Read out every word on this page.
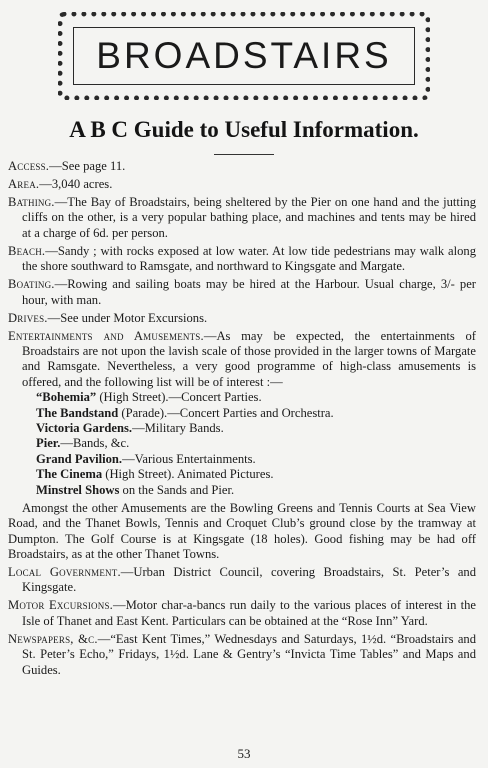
BROADSTAIRS
A B C Guide to Useful Information.

Access.—See page 11.

Area.—3,040 acres.

Bathing.—The Bay of Broadstairs, being sheltered by the Pier on one hand and the jutting cliffs on the other, is a very popular bathing place, and machines and tents may be hired at a charge of 6d. per person.

Beach.—Sandy ; with rocks exposed at low water. At low tide pedestrians may walk along the shore southward to Ramsgate, and northward to Kingsgate and Margate.

Boating.—Rowing and sailing boats may be hired at the Harbour. Usual charge, 3/- per hour, with man.

Drives.—See under Motor Excursions.

Entertainments and Amusements.—As may be expected, the entertainments of Broadstairs are not upon the lavish scale of those provided in the larger towns of Margate and Ramsgate. Nevertheless, a very good programme of high-class amusements is offered, and the following list will be of interest :—

“Bohemia” (High Street).—Concert Parties.

The Bandstand (Parade).—Concert Parties and Orchestra.

Victoria Gardens.—Military Bands.

Pier.—Bands, &c.

Grand Pavilion.—Various Entertainments.

The Cinema (High Street). Animated Pictures.

Minstrel Shows on the Sands and Pier.

Amongst the other Amusements are the Bowling Greens and Tennis Courts at Sea View Road, and the Thanet Bowls, Tennis and Croquet Club’s ground close by the tramway at Dumpton. The Golf Course is at Kingsgate (18 holes). Good fishing may be had off Broadstairs, as at the other Thanet Towns.

Local Government.—Urban District Council, covering Broadstairs, St. Peter’s and Kingsgate.

Motor Excursions.—Motor char-a-bancs run daily to the various places of interest in the Isle of Thanet and East Kent. Particulars can be obtained at the “Rose Inn” Yard.

Newspapers, &c.—“East Kent Times,” Wednesdays and Saturdays, 1½d. “Broadstairs and St. Peter’s Echo,” Fridays, 1½d. Lane & Gentry’s “Invicta Time Tables” and Maps and Guides.

53
